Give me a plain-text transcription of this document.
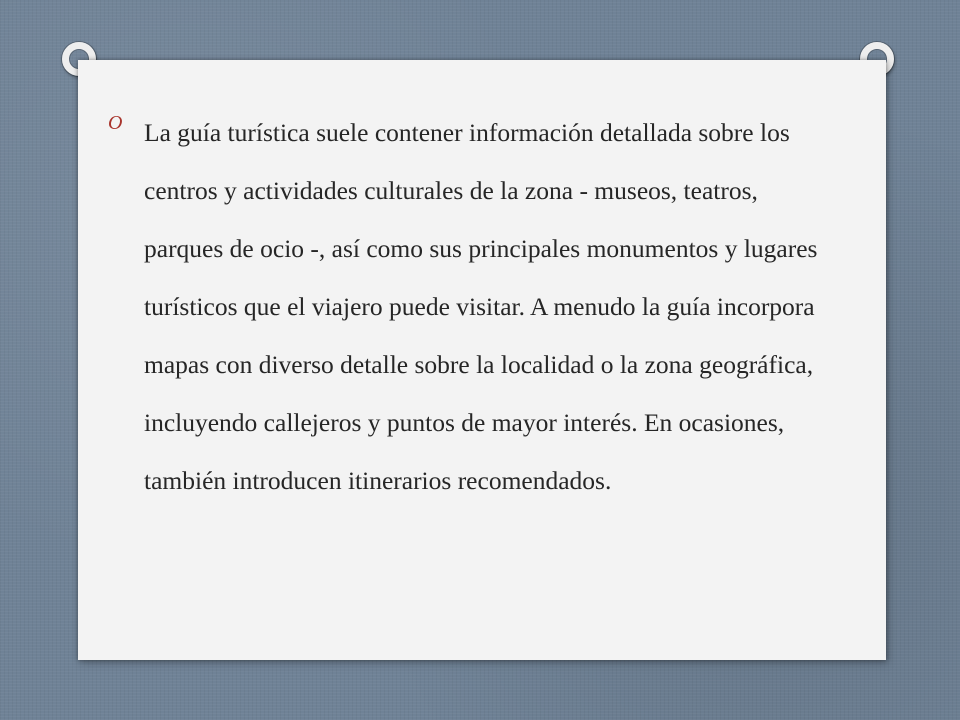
O La guía turística suele contener información detallada sobre los centros y actividades culturales de la zona - museos, teatros, parques de ocio -, así como sus principales monumentos y lugares turísticos que el viajero puede visitar. A menudo la guía incorpora mapas con diverso detalle sobre la localidad o la zona geográfica, incluyendo callejeros y puntos de mayor interés. En ocasiones, también introducen itinerarios recomendados.
